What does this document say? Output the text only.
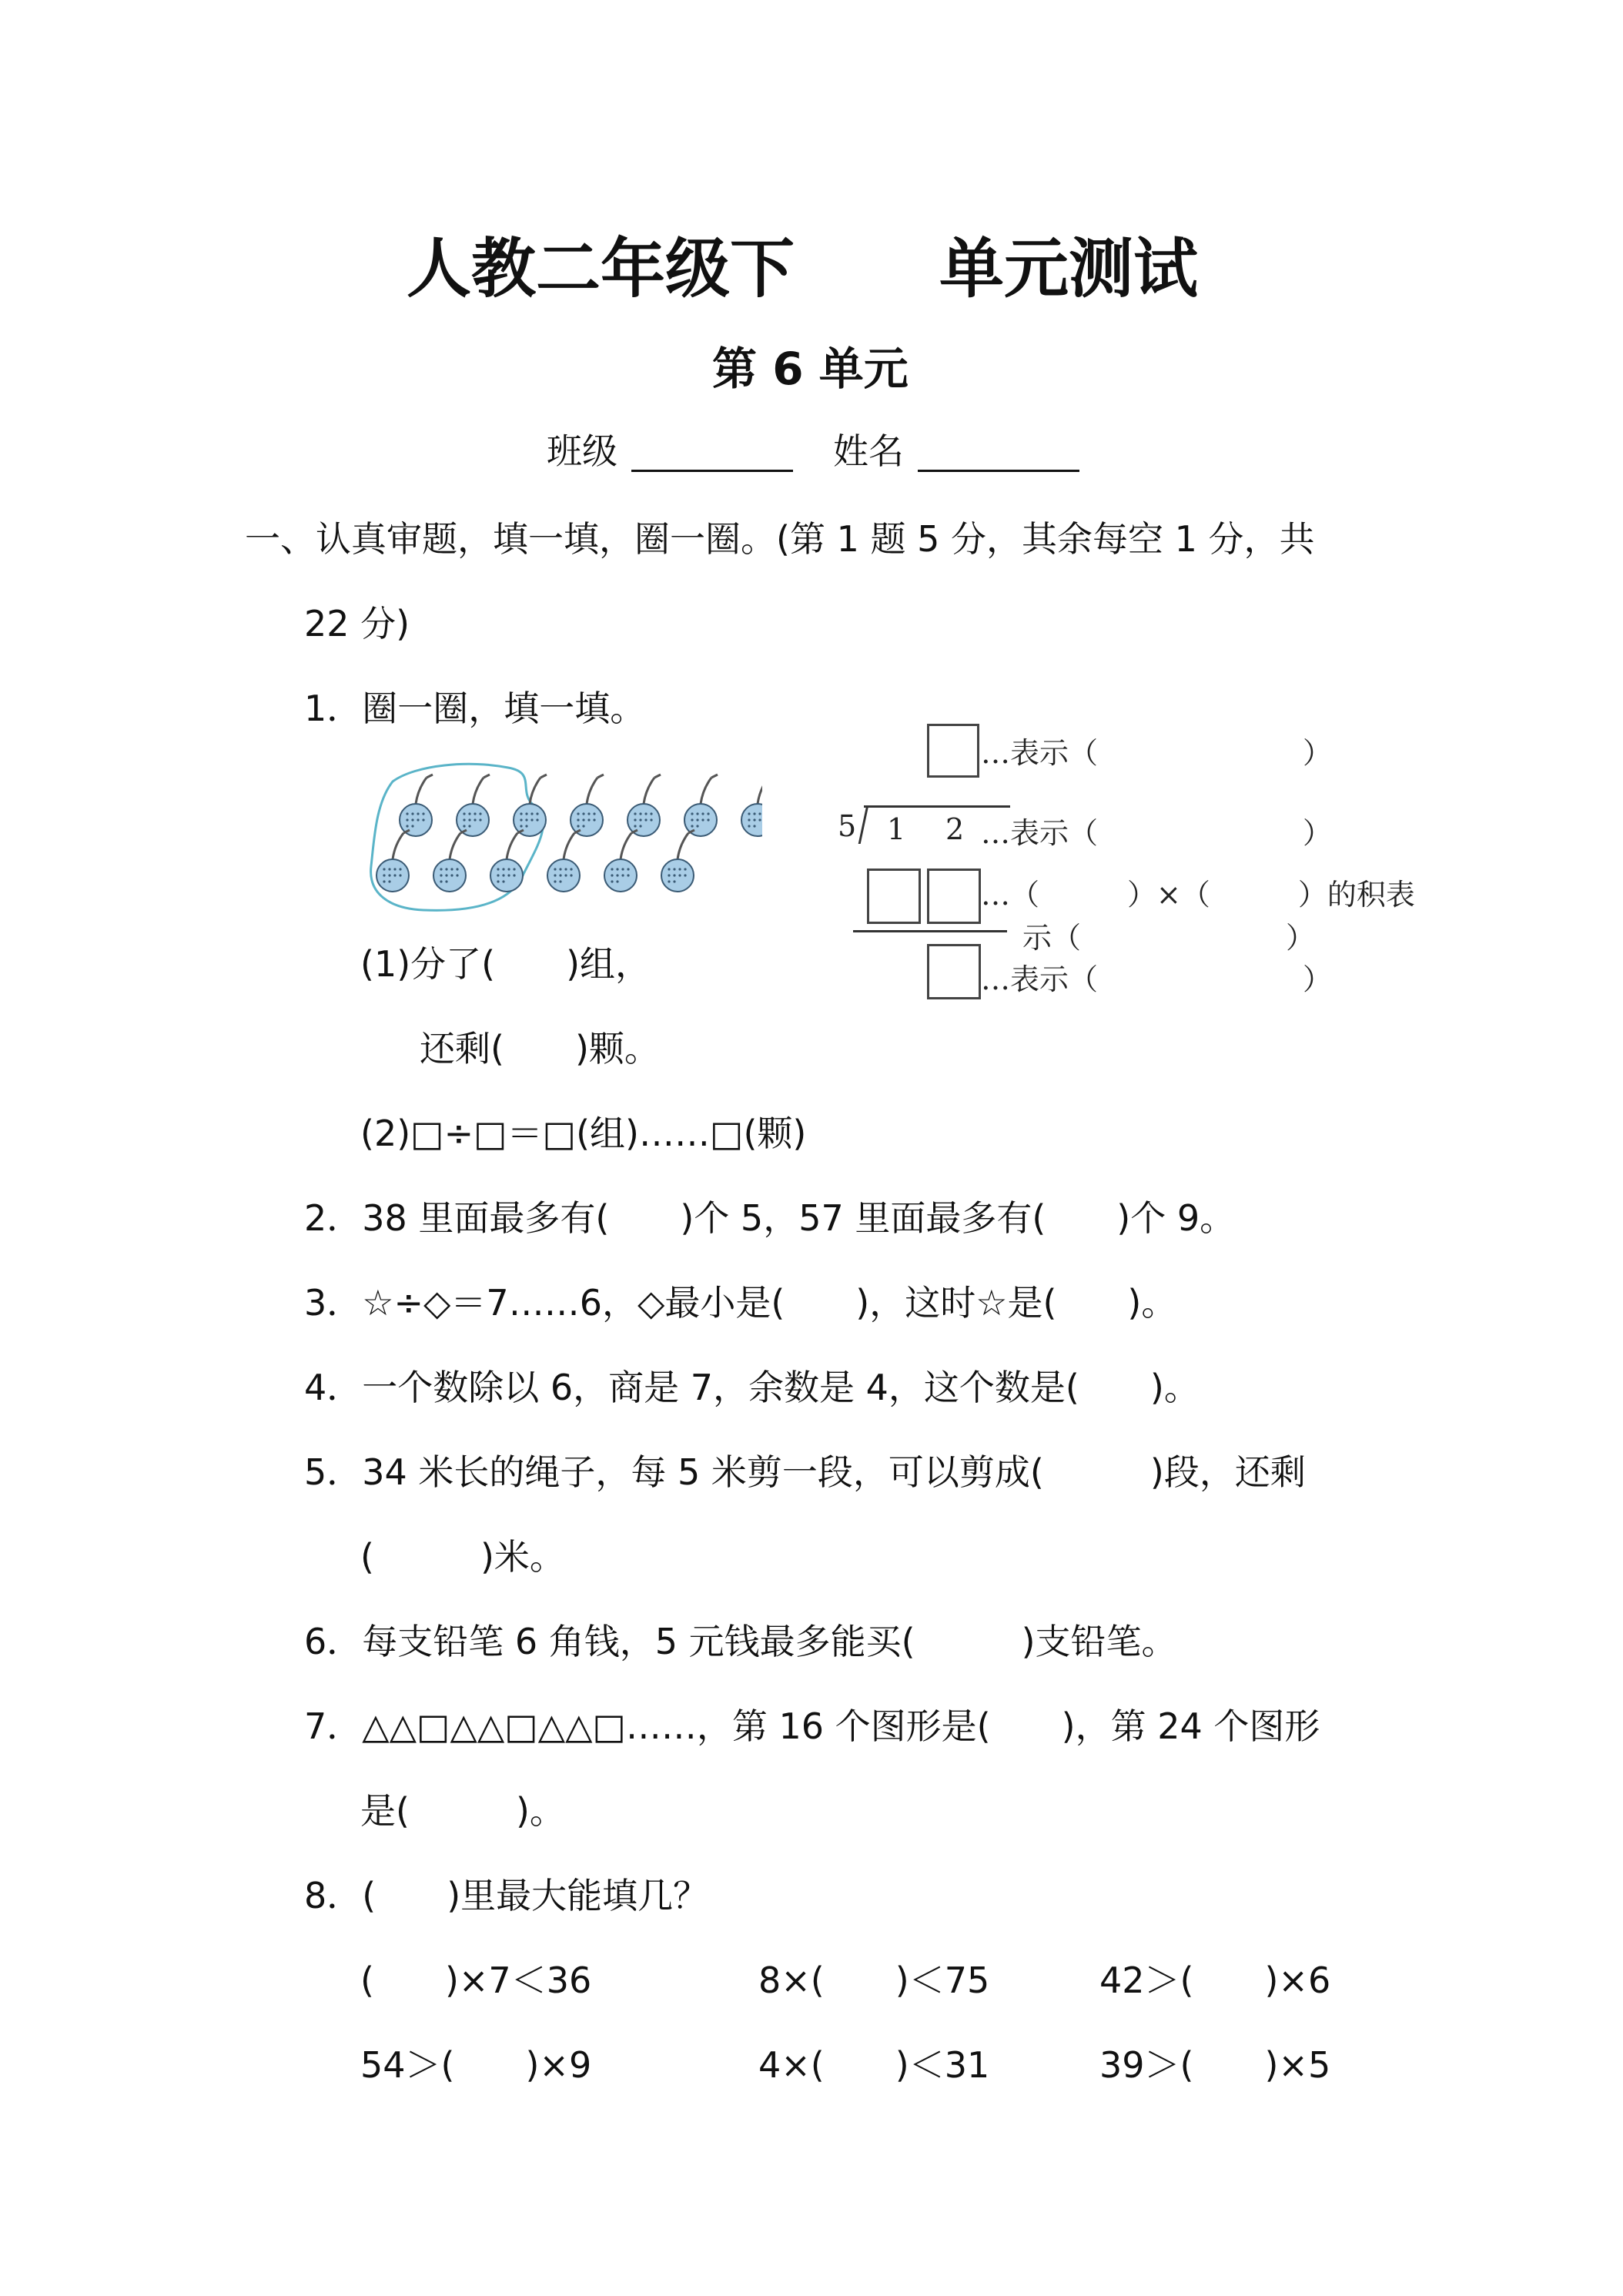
人教二年级下 单元测试
第 6 单元
班级	姓名
一、认真审题，填一填，圈一圈。(第 1 题 5 分，其余每空 1 分，共
22 分)
1．圈一圈，填一填。
(1)分了(　　)组，
还剩(　　)颗。
(2)□÷□＝□(组)……□(颗)
…表示（　　　　　　　）
5 1 2 …表示（　　　　　　　）
…（　　　）×（　　　）的积表
示（　　　　　　　）
…表示（　　　　　　　）
2．38 里面最多有(　　)个 5，57 里面最多有(　　)个 9。
3．☆÷◇＝7……6，◇最小是(　　)，这时☆是(　　)。
4．一个数除以 6，商是 7，余数是 4，这个数是(　　)。
5．34 米长的绳子，每 5 米剪一段，可以剪成(　　　)段，还剩
(　　　)米。
6．每支铅笔 6 角钱，5 元钱最多能买(　　　)支铅笔。
7．△△□△△□△△□……，第 16 个图形是(　　)，第 24 个图形
是(　　　)。
8．(　　)里最大能填几？
(　　)×7＜36	8×(　　)＜75	42＞(　　)×6
54＞(　　)×9	4×(　　)＜31	39＞(　　)×5
